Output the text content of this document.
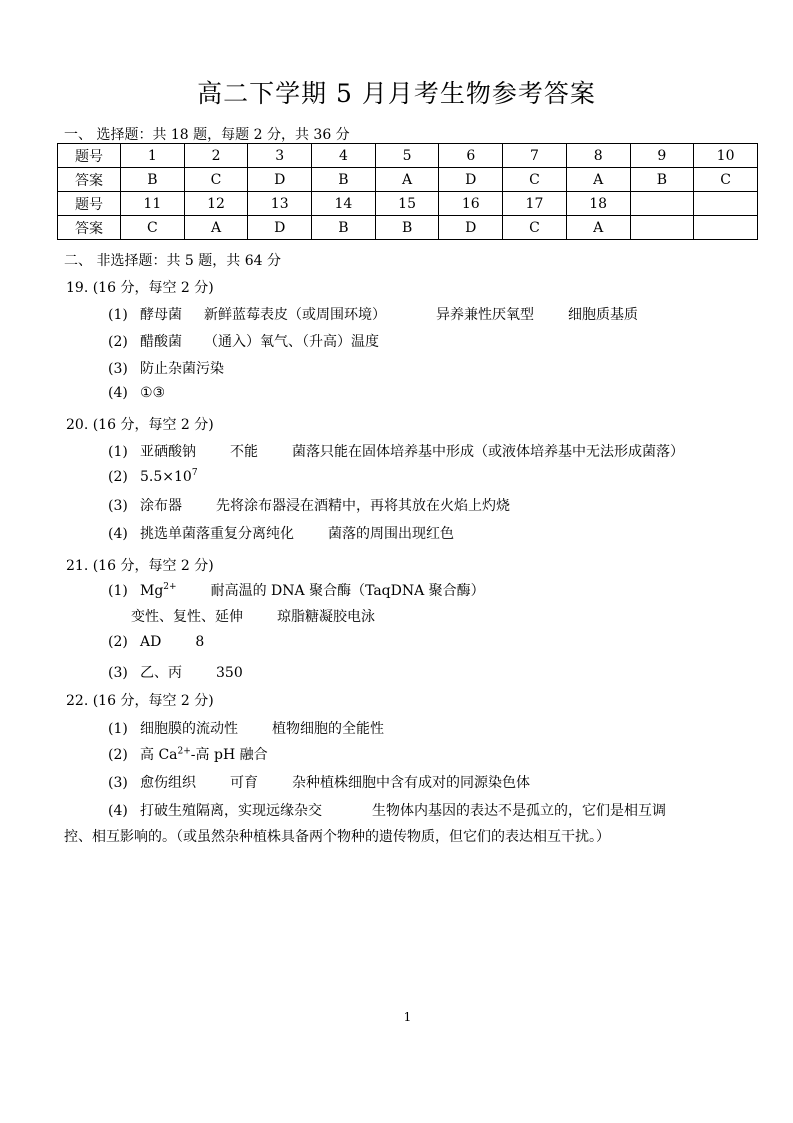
高二下学期 5 月月考生物参考答案
一、 选择题：共 18 题，每题 2 分，共 36 分
题号	1	2	3	4	5	6	7	8	9	10
答案	B	C	D	B	A	D	C	A	B	C
题号	11	12	13	14	15	16	17	18		
答案	C	A	D	B	B	D	C	A		
二、 非选择题：共 5 题，共 64 分
19. (16 分，每空 2 分)
(1) 酵母菌 新鲜蓝莓表皮（或周围环境）	异养兼性厌氧型 细胞质基质
(2) 醋酸菌 （通入）氧气、（升高）温度
(3) 防止杂菌污染
(4) ①③
20. (16 分，每空 2 分)
(1) 亚硒酸钠 不能 菌落只能在固体培养基中形成（或液体培养基中无法形成菌落）
(2) $5.5\times 10^7$
(3) 涂布器 先将涂布器浸在酒精中，再将其放在火焰上灼烧
(4) 挑选单菌落重复分离纯化 菌落的周围出现红色
21. (16 分，每空 2 分)
(1) $Mg^{2+}$ 耐高温的 DNA 聚合酶（TaqDNA 聚合酶）
变性、复性、延伸 琼脂糖凝胶电泳
(2) AD 8
(3) 乙、丙 350
22. (16 分，每空 2 分)
(1) 细胞膜的流动性 植物细胞的全能性
(2) 高 $Ca^{2+}-$高 pH 融合
(3) 愈伤组织 可育 杂种植株细胞中含有成对的同源染色体
(4) 打破生殖隔离，实现远缘杂交	生物体内基因的表达不是孤立的，它们是相互调
控、相互影响的。（或虽然杂种植株具备两个物种的遗传物质，但它们的表达相互干扰。）
1
